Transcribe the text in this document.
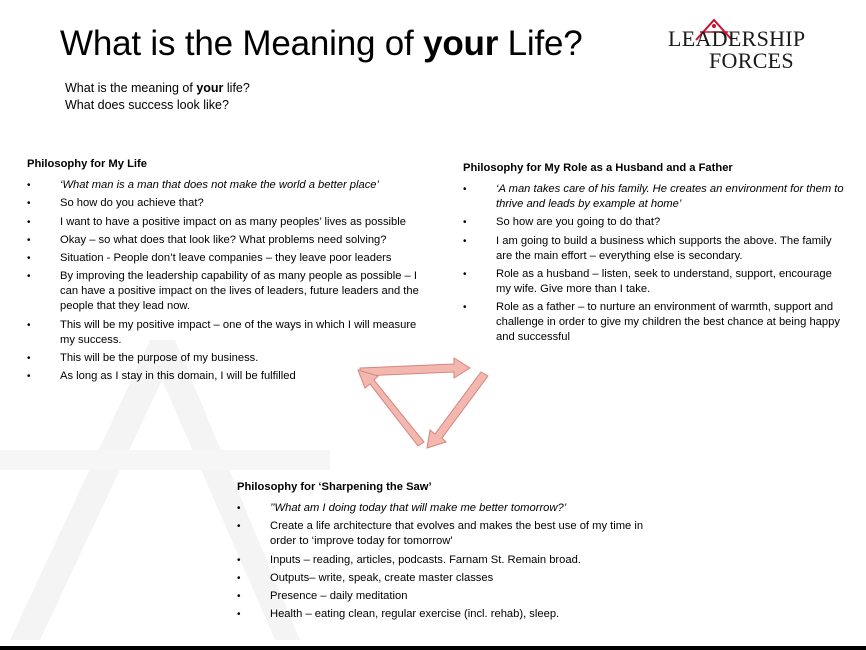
What is the Meaning of your Life?	LEADERSHIP
FORCES
What is the meaning of your life?
What does success look like?
Philosophy for My Life
• ‘What man is a man that does not make the world a better place’
• So how do you achieve that?
• I want to have a positive impact on as many peoples’ lives as possible
• Okay – so what does that look like? What problems need solving?
• Situation - People don’t leave companies – they leave poor leaders
• By improving the leadership capability of as many people as possible – I can have a positive impact on the lives of leaders, future leaders and the people that they lead now.
• This will be my positive impact – one of the ways in which I will measure my success.
• This will be the purpose of my business.
• As long as I stay in this domain, I will be fulfilled
Philosophy for My Role as a Husband and a Father
• ‘A man takes care of his family. He creates an environment for them to thrive and leads by example at home’
• So how are you going to do that?
• I am going to build a business which supports the above. The family are the main effort – everything else is secondary.
• Role as a husband – listen, seek to understand, support, encourage my wife. Give more than I take.
• Role as a father – to nurture an environment of warmth, support and challenge in order to give my children the best chance at being happy and successful
Philosophy for ‘Sharpening the Saw’
• ’’What am I doing today that will make me better tomorrow?’
• Create a life architecture that evolves and makes the best use of my time in order to ‘improve today for tomorrow’
• Inputs – reading, articles, podcasts. Farnam St. Remain broad.
• Outputs– write, speak, create master classes
• Presence – daily meditation
• Health – eating clean, regular exercise (incl. rehab), sleep.
